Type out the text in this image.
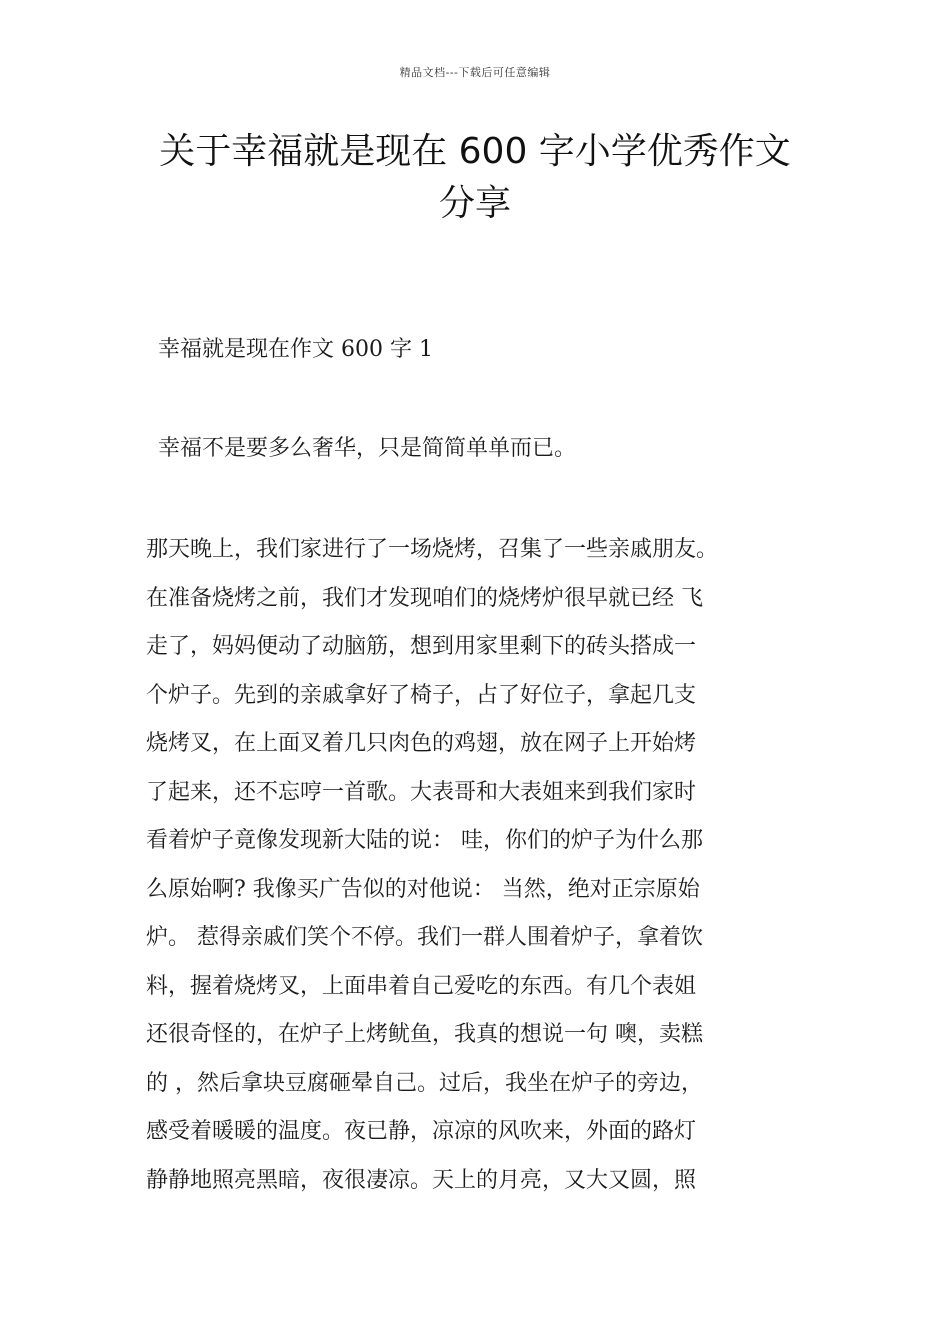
精品文档---下载后可任意编辑
关于幸福就是现在 600 字小学优秀作文
分享

幸福就是现在作文 600 字 1

幸福不是要多么奢华，只是简简单单而已。

那天晚上，我们家进行了一场烧烤，召集了一些亲戚朋友。
在准备烧烤之前，我们才发现咱们的烧烤炉很早就已经 飞
走了，妈妈便动了动脑筋，想到用家里剩下的砖头搭成一
个炉子。先到的亲戚拿好了椅子，占了好位子，拿起几支
烧烤叉，在上面叉着几只肉色的鸡翅，放在网子上开始烤
了起来，还不忘哼一首歌。大表哥和大表姐来到我们家时
看着炉子竟像发现新大陆的说： 哇，你们的炉子为什么那
么原始啊? 我像买广告似的对他说： 当然，绝对正宗原始
炉。 惹得亲戚们笑个不停。我们一群人围着炉子，拿着饮
料，握着烧烤叉，上面串着自己爱吃的东西。有几个表姐
还很奇怪的，在炉子上烤鱿鱼，我真的想说一句 噢，卖糕
的 ，然后拿块豆腐砸晕自己。过后，我坐在炉子的旁边，
感受着暖暖的温度。夜已静，凉凉的风吹来，外面的路灯
静静地照亮黑暗，夜很凄凉。天上的月亮，又大又圆，照
